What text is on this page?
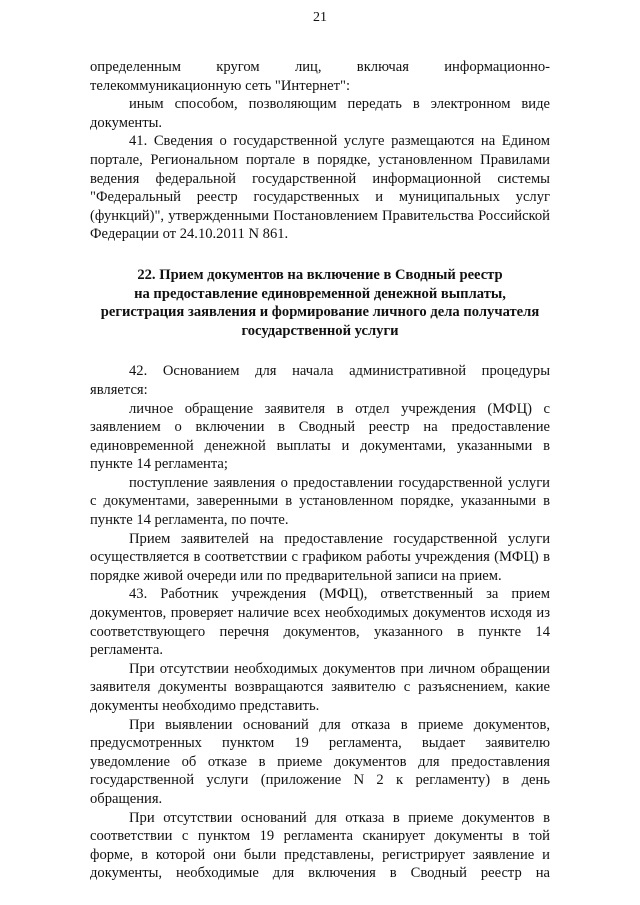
21

определенным кругом лиц, включая информационно-телекоммуникационную сеть "Интернет":

иным способом, позволяющим передать в электронном виде документы.

41. Сведения о государственной услуге размещаются на Едином портале, Региональном портале в порядке, установленном Правилами ведения федеральной государственной информационной системы "Федеральный реестр государственных и муниципальных услуг (функций)", утвержденными Постановлением Правительства Российской Федерации от 24.10.2011 N 861.

22. Прием документов на включение в Сводный реестр

на предоставление единовременной денежной выплаты,

регистрация заявления и формирование личного дела получателя

государственной услуги

42. Основанием для начала административной процедуры является:

личное обращение заявителя в отдел учреждения (МФЦ) с заявлением о включении в Сводный реестр на предоставление единовременной денежной выплаты и документами, указанными в пункте 14 регламента;

поступление заявления о предоставлении государственной услуги с документами, заверенными в установленном порядке, указанными в пункте 14 регламента, по почте.

Прием заявителей на предоставление государственной услуги осуществляется в соответствии с графиком работы учреждения (МФЦ) в порядке живой очереди или по предварительной записи на прием.

43. Работник учреждения (МФЦ), ответственный за прием документов, проверяет наличие всех необходимых документов исходя из соответствующего перечня документов, указанного в пункте 14 регламента.

При отсутствии необходимых документов при личном обращении заявителя документы возвращаются заявителю с разъяснением, какие документы необходимо представить.

При выявлении оснований для отказа в приеме документов, предусмотренных пунктом 19 регламента, выдает заявителю уведомление об отказе в приеме документов для предоставления государственной услуги (приложение N 2 к регламенту) в день обращения.

При отсутствии оснований для отказа в приеме документов в соответствии с пунктом 19 регламента сканирует документы в той форме, в которой они были представлены, регистрирует заявление и документы, необходимые для включения в Сводный реестр на
